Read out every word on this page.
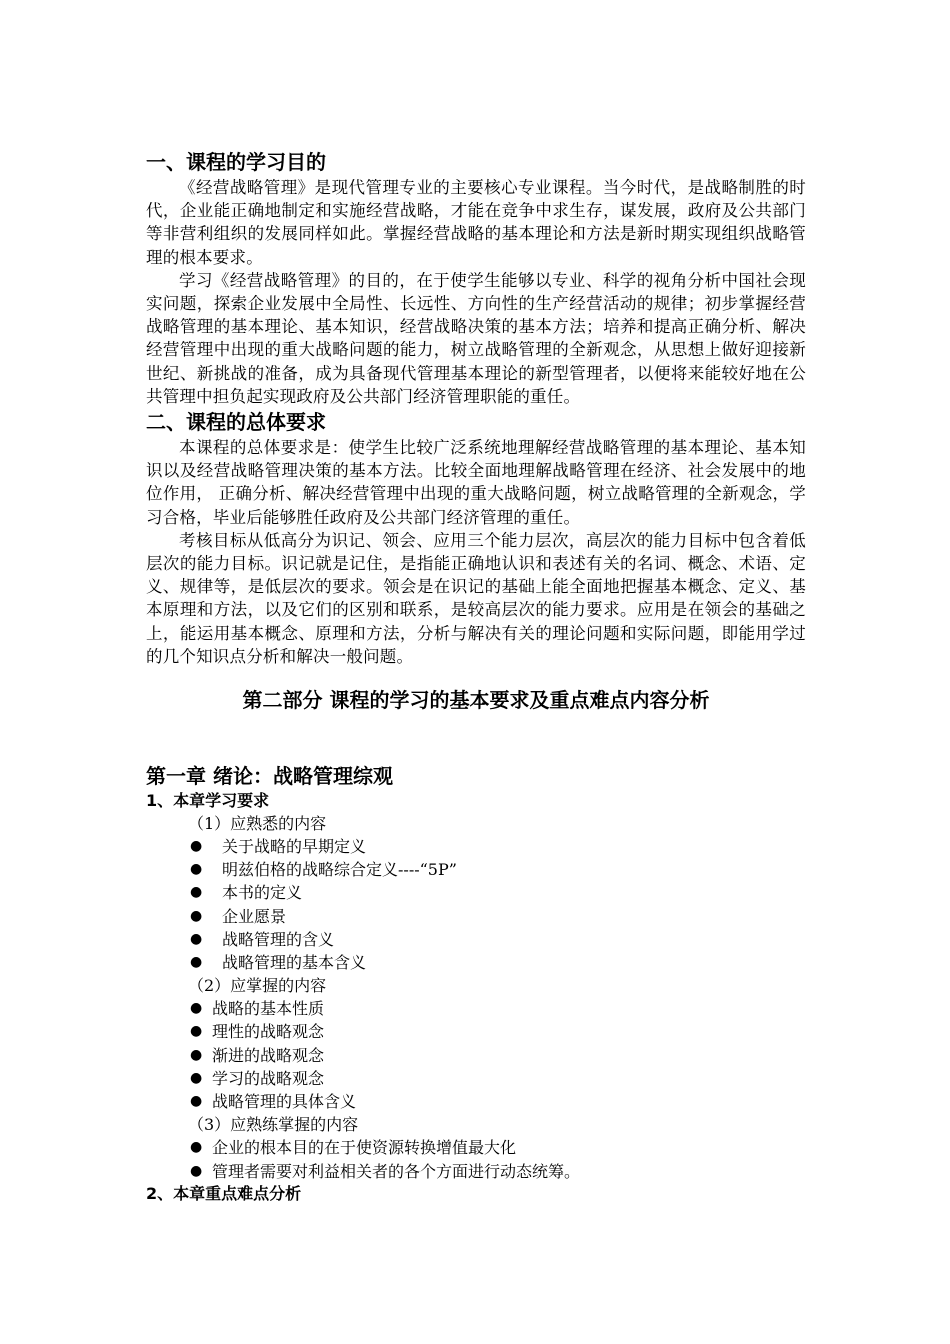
一、课程的学习目的

《经营战略管理》是现代管理专业的主要核心专业课程。当今时代，是战略制胜的时代，企业能正确地制定和实施经营战略，才能在竞争中求生存，谋发展，政府及公共部门等非营利组织的发展同样如此。掌握经营战略的基本理论和方法是新时期实现组织战略管理的根本要求。

学习《经营战略管理》的目的，在于使学生能够以专业、科学的视角分析中国社会现实问题，探索企业发展中全局性、长远性、方向性的生产经营活动的规律；初步掌握经营战略管理的基本理论、基本知识，经营战略决策的基本方法；培养和提高正确分析、解决经营管理中出现的重大战略问题的能力，树立战略管理的全新观念，从思想上做好迎接新世纪、新挑战的准备，成为具备现代管理基本理论的新型管理者，以便将来能较好地在公共管理中担负起实现政府及公共部门经济管理职能的重任。

二、课程的总体要求

本课程的总体要求是：使学生比较广泛系统地理解经营战略管理的基本理论、基本知识以及经营战略管理决策的基本方法。比较全面地理解战略管理在经济、社会发展中的地位作用， 正确分析、解决经营管理中出现的重大战略问题，树立战略管理的全新观念，学习合格，毕业后能够胜任政府及公共部门经济管理的重任。

考核目标从低高分为识记、领会、应用三个能力层次，高层次的能力目标中包含着低层次的能力目标。识记就是记住，是指能正确地认识和表述有关的名词、概念、术语、定义、规律等，是低层次的要求。领会是在识记的基础上能全面地把握基本概念、定义、基本原理和方法，以及它们的区别和联系，是较高层次的能力要求。应用是在领会的基础之上，能运用基本概念、原理和方法，分析与解决有关的理论问题和实际问题，即能用学过的几个知识点分析和解决一般问题。

第二部分 课程的学习的基本要求及重点难点内容分析

第一章 绪论：战略管理综观

1、本章学习要求

（1）应熟悉的内容

● 关于战略的早期定义
● 明兹伯格的战略综合定义----“5P”
● 本书的定义
● 企业愿景
● 战略管理的含义
● 战略管理的基本含义

（2）应掌握的内容

● 战略的基本性质
● 理性的战略观念
● 渐进的战略观念
● 学习的战略观念
● 战略管理的具体含义

（3）应熟练掌握的内容

● 企业的根本目的在于使资源转换增值最大化
● 管理者需要对利益相关者的各个方面进行动态统筹。

2、本章重点难点分析
